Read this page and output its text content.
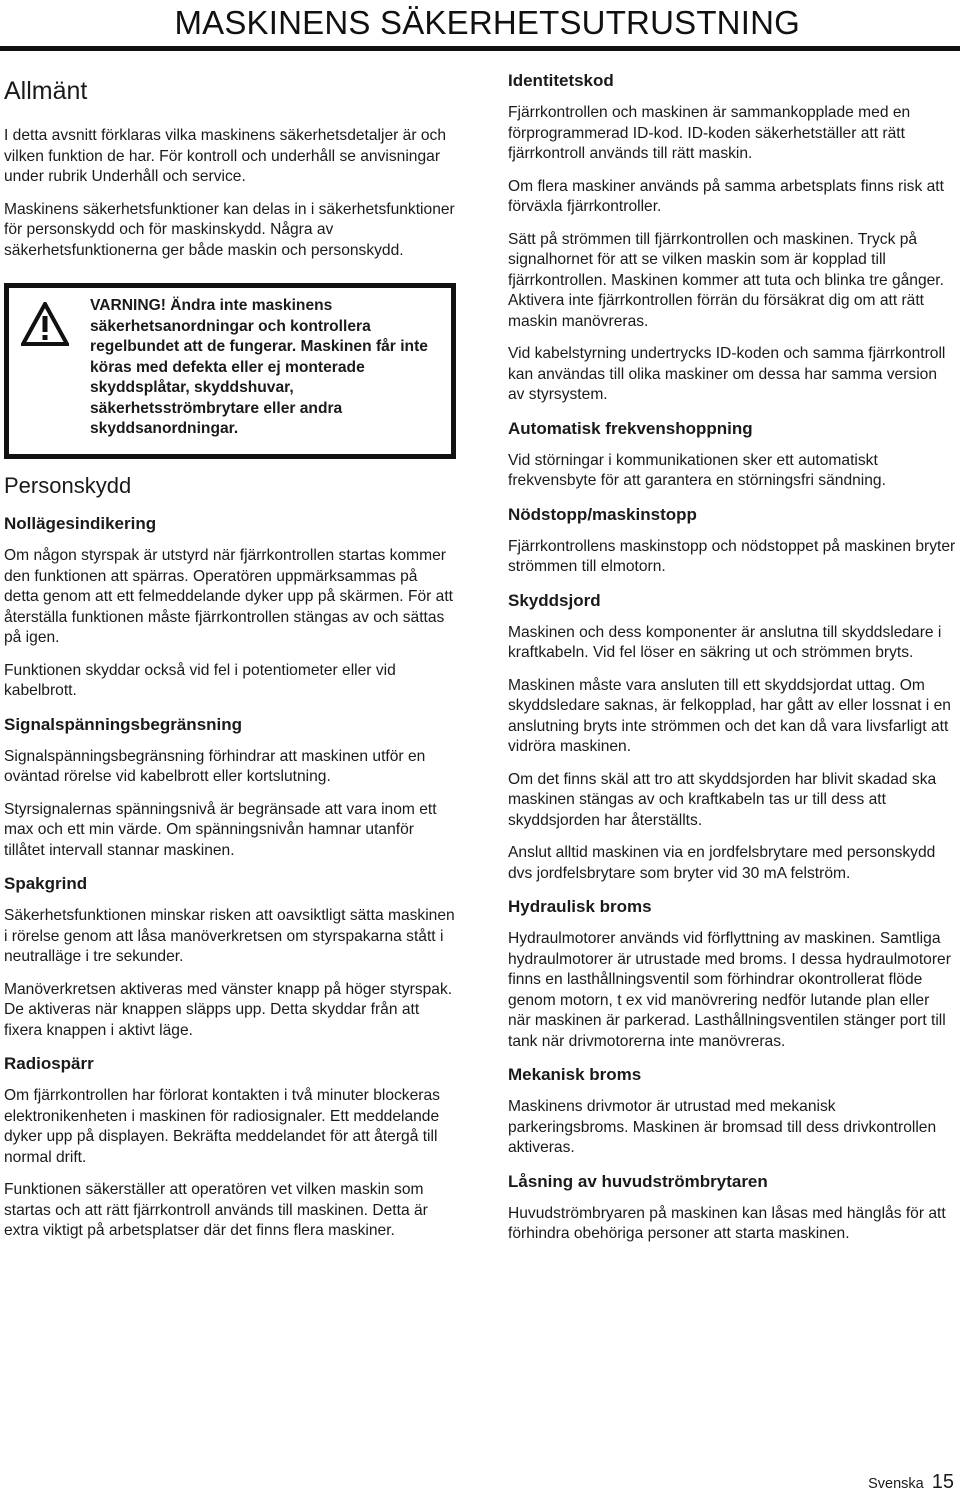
MASKINENS SÄKERHETSUTRUSTNING
Allmänt

I detta avsnitt förklaras vilka maskinens säkerhetsdetaljer är och vilken funktion de har. För kontroll och underhåll se anvisningar under rubrik Underhåll och service.

Maskinens säkerhetsfunktioner kan delas in i säkerhetsfunktioner för personskydd och för maskinskydd. Några av säkerhetsfunktionerna ger både maskin och personskydd.

VARNING! Ändra inte maskinens säkerhetsanordningar och kontrollera regelbundet att de fungerar. Maskinen får inte köras med defekta eller ej monterade skyddsplåtar, skyddshuvar, säkerhetsströmbrytare eller andra skyddsanordningar.
Personskydd
Nollägesindikering

Om någon styrspak är utstyrd när fjärrkontrollen startas kommer den funktionen att spärras. Operatören uppmärksammas på detta genom att ett felmeddelande dyker upp på skärmen. För att återställa funktionen måste fjärrkontrollen stängas av och sättas på igen.

Funktionen skyddar också vid fel i potentiometer eller vid kabelbrott.

Signalspänningsbegränsning

Signalspänningsbegränsning förhindrar att maskinen utför en oväntad rörelse vid kabelbrott eller kortslutning.

Styrsignalernas spänningsnivå är begränsade att vara inom ett max och ett min värde. Om spänningsnivån hamnar utanför tillåtet intervall stannar maskinen.

Spakgrind

Säkerhetsfunktionen minskar risken att oavsiktligt sätta maskinen i rörelse genom att låsa manöverkretsen om styrspakarna stått i neutralläge i tre sekunder.

Manöverkretsen aktiveras med vänster knapp på höger styrspak. De aktiveras när knappen släpps upp. Detta skyddar från att fixera knappen i aktivt läge.

Radiospärr

Om fjärrkontrollen har förlorat kontakten i två minuter blockeras elektronikenheten i maskinen för radiosignaler. Ett meddelande dyker upp på displayen. Bekräfta meddelandet för att återgå till normal drift.

Funktionen säkerställer att operatören vet vilken maskin som startas och att rätt fjärrkontroll används till maskinen. Detta är extra viktigt på arbetsplatser där det finns flera maskiner.

Identitetskod

Fjärrkontrollen och maskinen är sammankopplade med en förprogrammerad ID-kod. ID-koden säkerhetställer att rätt fjärrkontroll används till rätt maskin.

Om flera maskiner används på samma arbetsplats finns risk att förväxla fjärrkontroller.

Sätt på strömmen till fjärrkontrollen och maskinen. Tryck på signalhornet för att se vilken maskin som är kopplad till fjärrkontrollen. Maskinen kommer att tuta och blinka tre gånger. Aktivera inte fjärrkontrollen förrän du försäkrat dig om att rätt maskin manövreras.

Vid kabelstyrning undertrycks ID-koden och samma fjärrkontroll kan användas till olika maskiner om dessa har samma version av styrsystem.

Automatisk frekvenshoppning

Vid störningar i kommunikationen sker ett automatiskt frekvensbyte för att garantera en störningsfri sändning.

Nödstopp/maskinstopp

Fjärrkontrollens maskinstopp och nödstoppet på maskinen bryter strömmen till elmotorn.

Skyddsjord

Maskinen och dess komponenter är anslutna till skyddsledare i kraftkabeln. Vid fel löser en säkring ut och strömmen bryts.

Maskinen måste vara ansluten till ett skyddsjordat uttag. Om skyddsledare saknas, är felkopplad, har gått av eller lossnat i en anslutning bryts inte strömmen och det kan då vara livsfarligt att vidröra maskinen.

Om det finns skäl att tro att skyddsjorden har blivit skadad ska maskinen stängas av och kraftkabeln tas ur till dess att skyddsjorden har återställts.

Anslut alltid maskinen via en jordfelsbrytare med personskydd dvs jordfelsbrytare som bryter vid 30 mA felström.

Hydraulisk broms

Hydraulmotorer används vid förflyttning av maskinen. Samtliga hydraulmotorer är utrustade med broms. I dessa hydraulmotorer finns en lasthållningsventil som förhindrar okontrollerat flöde genom motorn, t ex vid manövrering nedför lutande plan eller när maskinen är parkerad. Lasthållningsventilen stänger port till tank när drivmotorerna inte manövreras.

Mekanisk broms

Maskinens drivmotor är utrustad med mekanisk parkeringsbroms. Maskinen är bromsad till dess drivkontrollen aktiveras.

Låsning av huvudströmbrytaren

Huvudströmbryaren på maskinen kan låsas med hänglås för att förhindra obehöriga personer att starta maskinen.

Svenska 15
